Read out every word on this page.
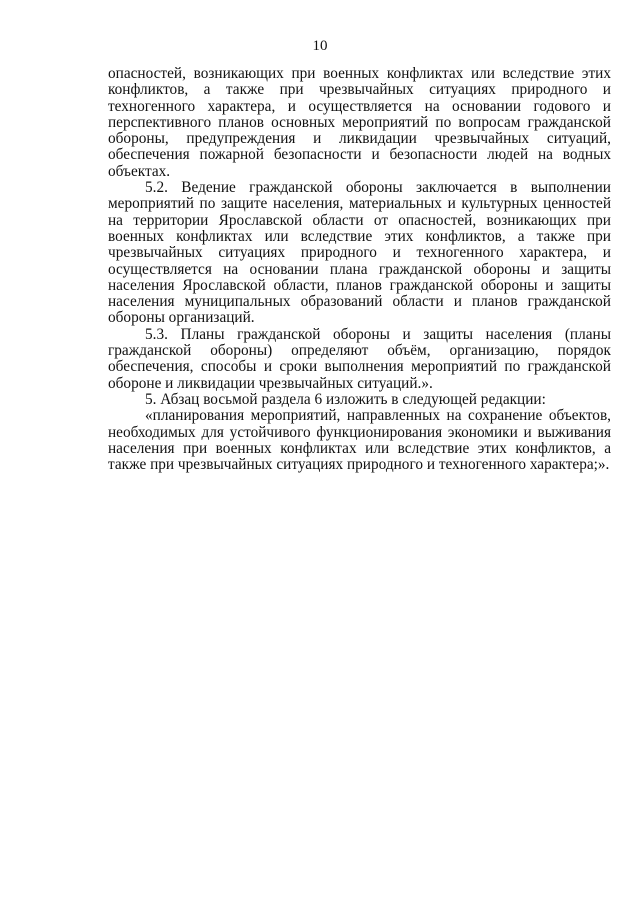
10

опасностей, возникающих при военных конфликтах или вследствие этих конфликтов, а также при чрезвычайных ситуациях природного и техногенного характера, и осуществляется на основании годового и перспективного планов основных мероприятий по вопросам гражданской обороны, предупреждения и ликвидации чрезвычайных ситуаций, обеспечения пожарной безопасности и безопасности людей на водных объектах.

5.2. Ведение гражданской обороны заключается в выполнении мероприятий по защите населения, материальных и культурных ценностей на территории Ярославской области от опасностей, возникающих при военных конфликтах или вследствие этих конфликтов, а также при чрезвычайных ситуациях природного и техногенного характера, и осуществляется на основании плана гражданской обороны и защиты населения Ярославской области, планов гражданской обороны и защиты населения муниципальных образований области и планов гражданской обороны организаций.

5.3. Планы гражданской обороны и защиты населения (планы гражданской обороны) определяют объём, организацию, порядок обеспечения, способы и сроки выполнения мероприятий по гражданской обороне и ликвидации чрезвычайных ситуаций.».

5. Абзац восьмой раздела 6 изложить в следующей редакции:

«планирования мероприятий, направленных на сохранение объектов, необходимых для устойчивого функционирования экономики и выживания населения при военных конфликтах или вследствие этих конфликтов, а также при чрезвычайных ситуациях природного и техногенного характера;».
